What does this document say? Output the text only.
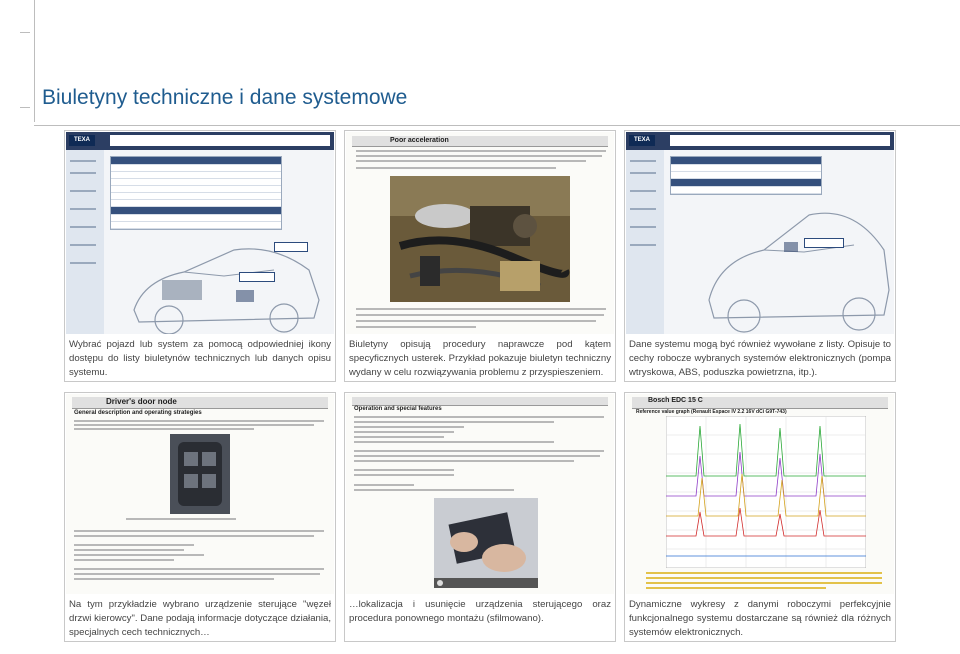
Biuletyny techniczne i dane systemowe
TEXA
Wybrać pojazd lub system za pomocą odpowiedniej ikony dostępu do listy biuletynów technicznych lub danych opisu systemu.
Poor acceleration
Biuletyny opisują procedury naprawcze pod kątem specyficznych usterek. Przykład pokazuje biuletyn techniczny wydany w celu rozwiązywania problemu z przyspieszeniem.
TEXA
Dane systemu mogą być również wywołane z listy. Opisuje to cechy robocze wybranych systemów elektronicznych (pompa wtryskowa, ABS, poduszka powietrzna, itp.).
Driver's door node
General description and operating strategies
Na tym przykładzie wybrano urządzenie sterujące "węzeł drzwi kierowcy". Dane podają informacje dotyczące działania, specjalnych cech technicznych…
Operation and special features
…lokalizacja i usunięcie urządzenia sterującego oraz procedura ponownego montażu (sfilmowano).
Bosch EDC 15 C
Reference value graph (Renault Espace IV 2.2 16V dCi G9T-743)
Dynamiczne wykresy z danymi roboczymi perfekcyjnie funkcjonalnego systemu dostarczane są również dla różnych systemów elektronicznych.
